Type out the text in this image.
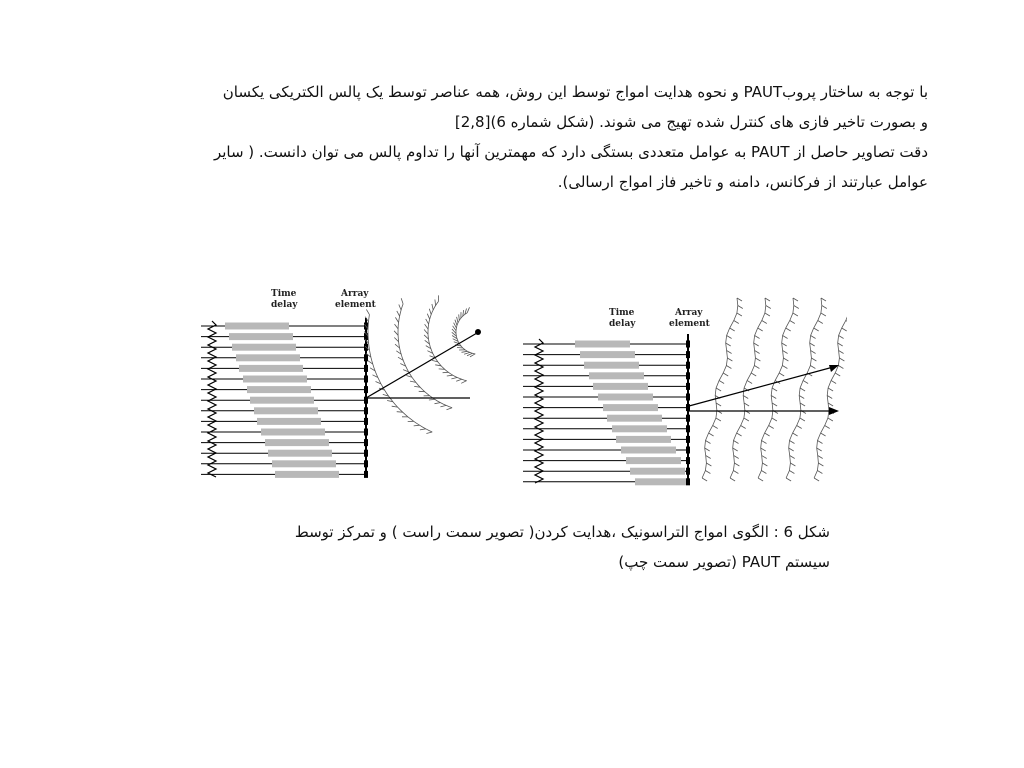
با توجه به ساختار پروبPAUT و نحوه هدایت امواج توسط این روش، همه عناصر توسط یک پالس الکتریکی یکسان

و بصورت تاخیر فازی های کنترل شده تهیج می شوند. (شکل شماره 6)[2,8]

دقت تصاویر حاصل از PAUT به عوامل متعددی بستگی دارد که مهمترین آنها را تداوم پالس می توان دانست. ( سایر

عوامل عبارتند از فرکانس، دامنه و تاخیر فاز امواج ارسالی).

Time
delay
Array
element
Time
delay
Array
element

شکل 6 : الگوی امواج التراسونیک ،هدایت کردن( تصویر سمت راست ) و تمرکز توسط

سیستم PAUT (تصویر سمت چپ)
